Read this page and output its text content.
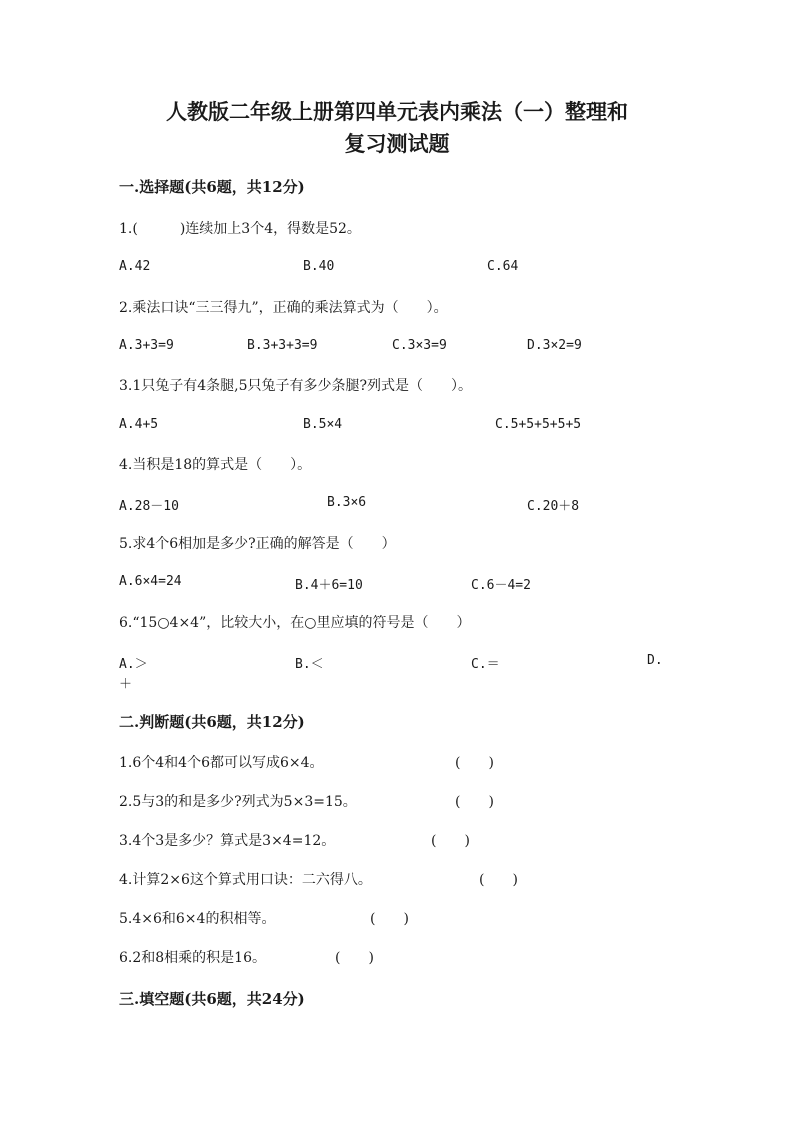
人教版二年级上册第四单元表内乘法（一）整理和
复习测试题
一.选择题(共6题，共12分)
1.(　　　)连续加上3个4，得数是52。
A.42	B.40	C.64
2.乘法口诀“三三得九”，正确的乘法算式为（　　）。
A.3+3=9	B.3+3+3=9	C.3×3=9	D.3×2=9
3.1只兔子有4条腿,5只兔子有多少条腿?列式是（　　）。
A.4+5	B.5×4	C.5+5+5+5+5
4.当积是18的算式是（　　）。
A.28－10	B.3×6	C.20＋8
5.求4个6相加是多少?正确的解答是（　　）
A.6×4=24	B.4＋6=10	C.6－4=2
6.“15○4×4”，比较大小，在○里应填的符号是（　　）
A.＞	B.＜	C.＝	D.
＋
二.判断题(共6题，共12分)
1.6个4和4个6都可以写成6×4。	(　　)
2.5与3的和是多少?列式为5×3=15。	(　　)
3.4个3是多少？算式是3×4=12。	(　　)
4.计算2×6这个算式用口诀：二六得八。	(　　)
5.4×6和6×4的积相等。	(　　)
6.2和8相乘的积是16。	(　　)
三.填空题(共6题，共24分)
